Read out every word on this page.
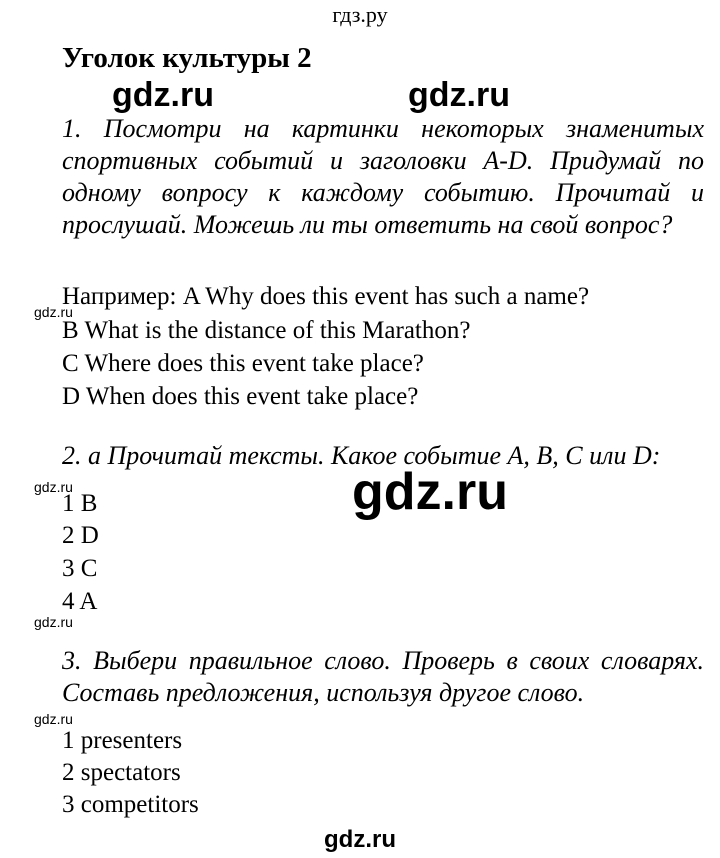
гдз.ру
Уголок культуры 2
gdz.ru	gdz.ru
1. Посмотри на картинки некоторых знаменитых спортивных событий и заголовки A-D. Придумай по одному вопросу к каждому событию. Прочитай и прослушай. Можешь ли ты ответить на свой вопрос?
Например: A Why does this event has such a name?
gdz.ru
B What is the distance of this Marathon?
C Where does this event take place?
D When does this event take place?
2. a Прочитай тексты. Какое событие A, B, C или D:
gdz.ru	gdz.ru
1 B
2 D
3 C
4 A
gdz.ru
3. Выбери правильное слово. Проверь в своих словарях. Составь предложения, используя другое слово.
gdz.ru
1 presenters
2 spectators
3 competitors
gdz.ru
